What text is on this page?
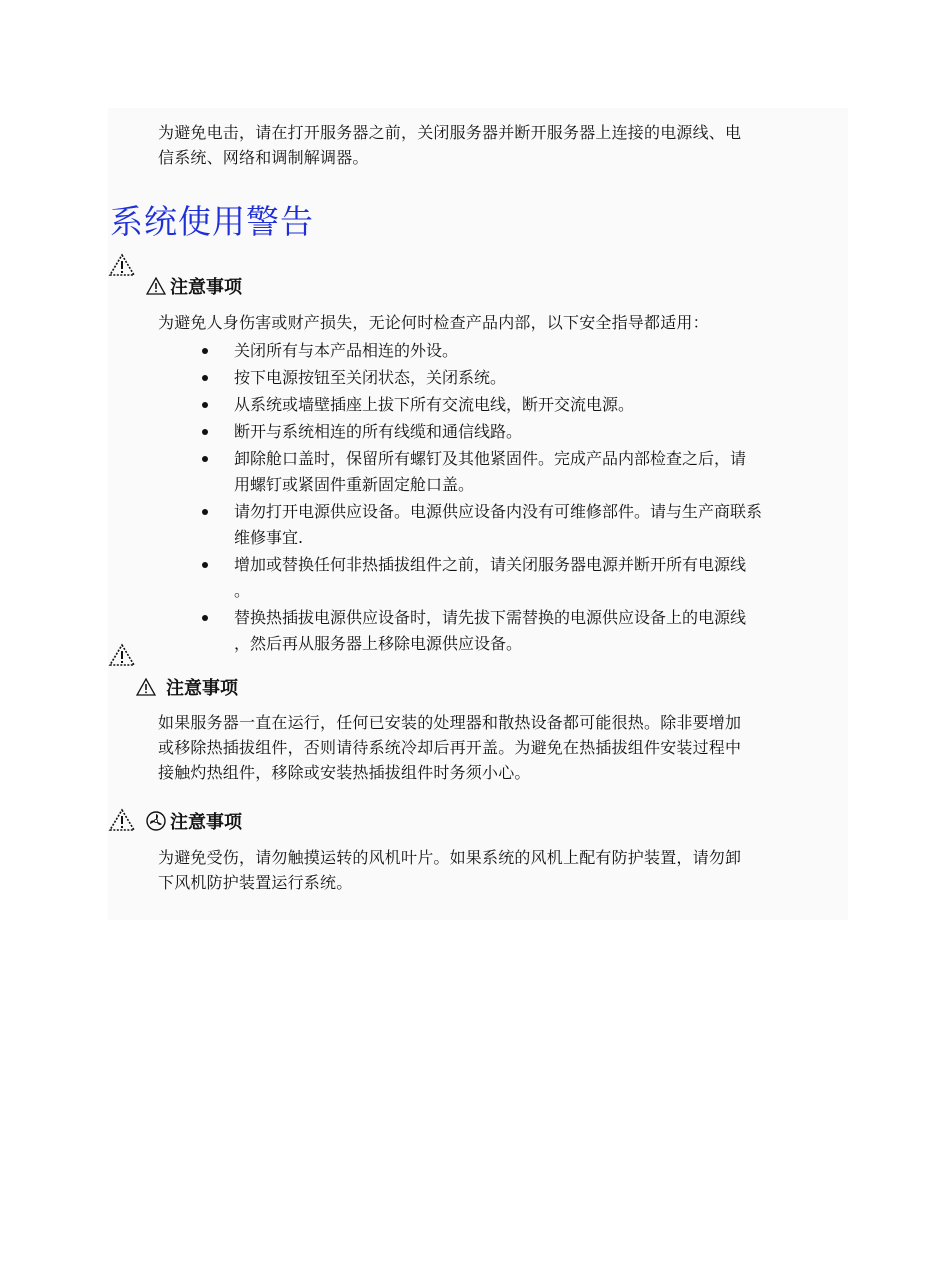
为避免电击，请在打开服务器之前，关闭服务器并断开服务器上连接的电源线、电
信系统、网络和调制解调器。
系统使用警告
注意事项
为避免人身伤害或财产损失，无论何时检查产品内部，以下安全指导都适用：
关闭所有与本产品相连的外设。
按下电源按钮至关闭状态，关闭系统。
从系统或墙壁插座上拔下所有交流电线，断开交流电源。
断开与系统相连的所有线缆和通信线路。
卸除舱口盖时，保留所有螺钉及其他紧固件。完成产品内部检查之后，请
用螺钉或紧固件重新固定舱口盖。
请勿打开电源供应设备。电源供应设备内没有可维修部件。请与生产商联系
维修事宜.
增加或替换任何非热插拔组件之前，请关闭服务器电源并断开所有电源线
。
替换热插拔电源供应设备时，请先拔下需替换的电源供应设备上的电源线
，然后再从服务器上移除电源供应设备。
注意事项
如果服务器一直在运行，任何已安装的处理器和散热设备都可能很热。除非要增加
或移除热插拔组件，否则请待系统冷却后再开盖。为避免在热插拔组件安装过程中
接触灼热组件，移除或安装热插拔组件时务须小心。
注意事项
为避免受伤，请勿触摸运转的风机叶片。如果系统的风机上配有防护装置，请勿卸
下风机防护装置运行系统。
